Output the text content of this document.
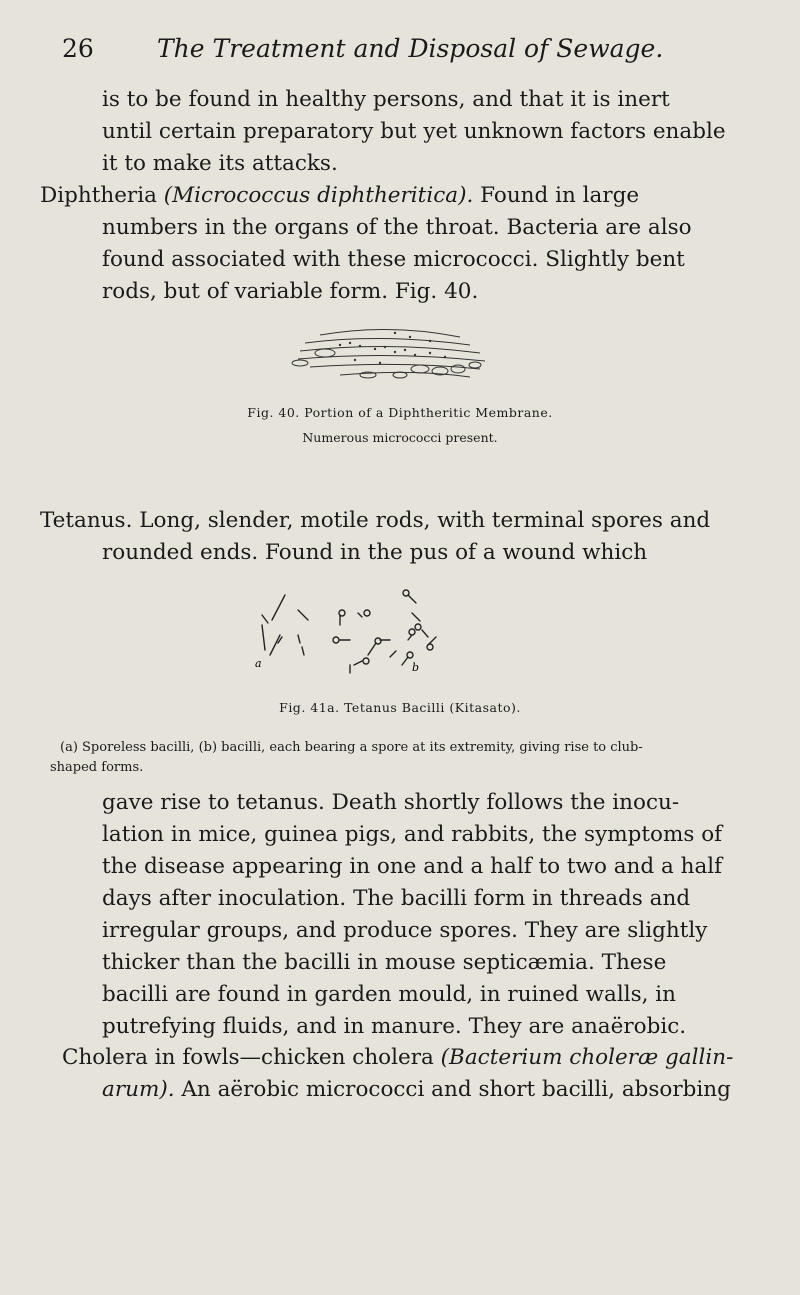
26	The Treatment and Disposal of Sewage.
is to be found in healthy persons, and that it is inert
until certain preparatory but yet unknown factors enable
it to make its attacks.
Diphtheria (Micrococcus diphtheritica). Found in large
numbers in the organs of the throat. Bacteria are also
found associated with these micrococci. Slightly bent
rods, but of variable form. Fig. 40.
Fig. 40. Portion of a Diphtheritic Membrane.
Numerous micrococci present.
Tetanus. Long, slender, motile rods, with terminal spores and
rounded ends. Found in the pus of a wound which
a	b
Fig. 41a. Tetanus Bacilli (Kitasato).
(a) Sporeless bacilli, (b) bacilli, each bearing a spore at its extremity, giving rise to club-
shaped forms.
gave rise to tetanus. Death shortly follows the inocu-
lation in mice, guinea pigs, and rabbits, the symptoms of
the disease appearing in one and a half to two and a half
days after inoculation. The bacilli form in threads and
irregular groups, and produce spores. They are slightly
thicker than the bacilli in mouse septicæmia. These
bacilli are found in garden mould, in ruined walls, in
putrefying fluids, and in manure. They are anaërobic.
Cholera in fowls—chicken cholera (Bacterium choleræ gallin-
arum). An aërobic micrococci and short bacilli, absorbing
